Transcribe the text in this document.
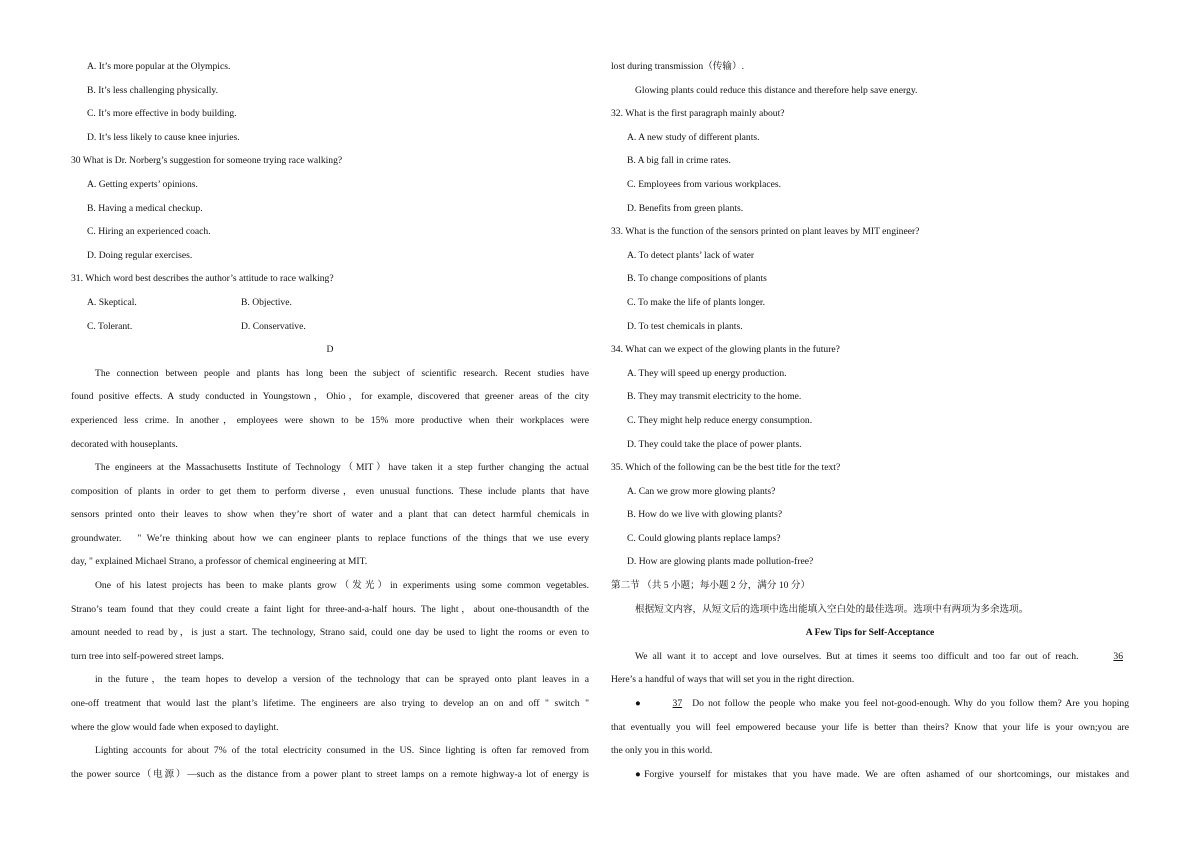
A. It’s more popular at the Olympics.
B. It’s less challenging physically.
C. It’s more effective in body building.
D. It’s less likely to cause knee injuries.
30 What is Dr. Norberg’s suggestion for someone trying race walking?
A. Getting experts’ opinions.
B. Having a medical checkup.
C. Hiring an experienced coach.
D. Doing regular exercises.
31. Which word best describes the author’s attitude to race walking?
A. Skeptical.	B. Objective.
C. Tolerant.	D. Conservative.
D
The connection between people and plants has long been the subject of scientific research. Recent studies have
found positive effects. A study conducted in Youngstown，Ohio，for example, discovered that greener areas of the city
experienced less crime. In another，employees were shown to be 15% more productive when their workplaces were
decorated with houseplants.
The engineers at the Massachusetts Institute of Technology（MIT）have taken it a step further changing the actual
composition of plants in order to get them to perform diverse，even unusual functions. These include plants that have
sensors printed onto their leaves to show when they’re short of water and a plant that can detect harmful chemicals in
groundwater.　" We’re thinking about how we can engineer plants to replace functions of the things that we use every
day, " explained Michael Strano, a professor of chemical engineering at MIT.
One of his latest projects has been to make plants grow（发光）in experiments using some common vegetables.
Strano’s team found that they could create a faint light for three-and-a-half hours. The light，about one-thousandth of the
amount needed to read by，is just a start. The technology, Strano said, could one day be used to light the rooms or even to
turn tree into self-powered street lamps.
in the future，the team hopes to develop a version of the technology that can be sprayed onto plant leaves in a
one-off treatment that would last the plant’s lifetime. The engineers are also trying to develop an on and off " switch "
where the glow would fade when exposed to daylight.
Lighting accounts for about 7% of the total electricity consumed in the US. Since lighting is often far removed from
the power source（电源）—such as the distance from a power plant to street lamps on a remote highway-a lot of energy is
lost during transmission（传输）.
Glowing plants could reduce this distance and therefore help save energy.
32. What is the first paragraph mainly about?
A. A new study of different plants.
B. A big fall in crime rates.
C. Employees from various workplaces.
D. Benefits from green plants.
33. What is the function of the sensors printed on plant leaves by MIT engineer?
A. To detect plants’ lack of water
B. To change compositions of plants
C. To make the life of plants longer.
D. To test chemicals in plants.
34. What can we expect of the glowing plants in the future?
A. They will speed up energy production.
B. They may transmit electricity to the home.
C. They might help reduce energy consumption.
D. They could take the place of power plants.
35. Which of the following can be the best title for the text?
A. Can we grow more glowing plants?
B. How do we live with glowing plants?
C. Could glowing plants replace lamps?
D. How are glowing plants made pollution-free?
第二节 （共 5 小题；每小题 2 分，满分 10 分）
根据短文内容，从短文后的选项中选出能填入空白处的最佳选项。选项中有两项为多余选项。
A Few Tips for Self-Acceptance
We all want it to accept and love ourselves. But at times it seems too difficult and too far out of reach.	36
Here’s a handful of ways that will set you in the right direction.
●	37 Do not follow the people who make you feel not-good-enough. Why do you follow them? Are you hoping
that eventually you will feel empowered because your life is better than theirs? Know that your life is your own;you are
the only you in this world.
●Forgive yourself for mistakes that you have made. We are often ashamed of our shortcomings, our mistakes and
